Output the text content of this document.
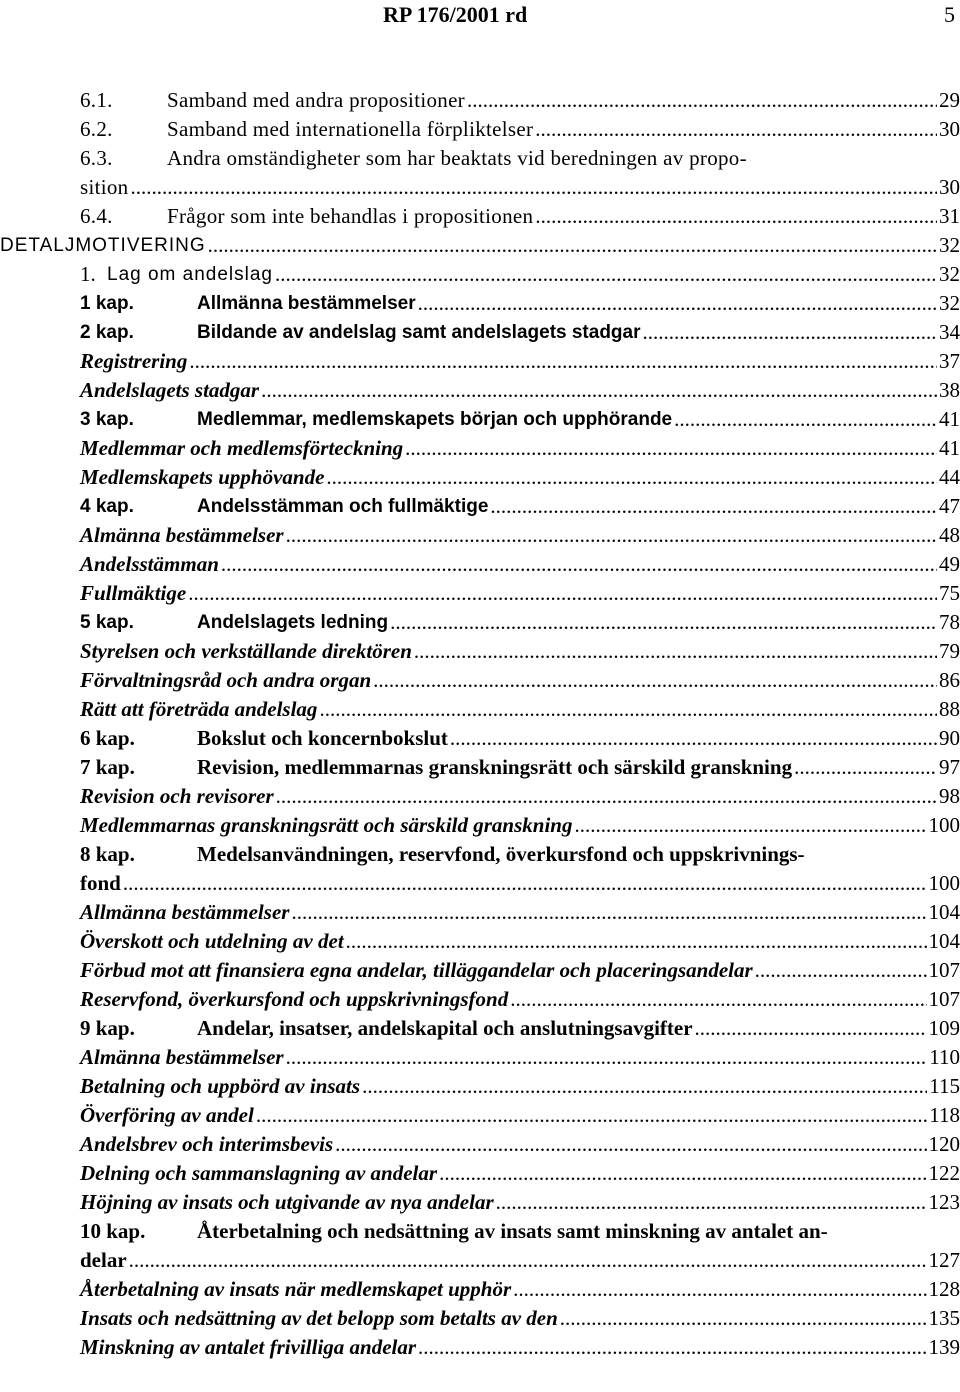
RP 176/2001 rd	5
6.1.	Samband med andra propositioner .....	29
6.2.	Samband med internationella förpliktelser .....	30
6.3.	Andra omständigheter som har beaktats vid beredningen av propo-
sition .....	30
6.4.	Frågor som inte behandlas i propositionen .....	31
DETALJMOTIVERING .....	32
1. Lag om andelslag .....	32
1 kap.	Allmänna bestämmelser .....	32
2 kap.	Bildande av andelslag samt andelslagets stadgar .....	34
Registrering .....	37
Andelslagets stadgar .....	38
3 kap.	Medlemmar, medlemskapets början och upphörande .....	41
Medlemmar och medlemsförteckning .....	41
Medlemskapets upphövande .....	44
4 kap.	Andelsstämman och fullmäktige .....	47
Almänna bestämmelser .....	48
Andelsstämman .....	49
Fullmäktige .....	75
5 kap.	Andelslagets ledning .....	78
Styrelsen och verkställande direktören .....	79
Förvaltningsråd och andra organ .....	86
Rätt att företräda andelslag .....	88
6 kap.	Bokslut och koncernbokslut .....	90
7 kap.	Revision, medlemmarnas granskningsrätt och särskild granskning .....	97
Revision och revisorer .....	98
Medlemmarnas granskningsrätt och särskild granskning .....	100
8 kap.	Medelsanvändningen, reservfond, överkursfond och uppskrivnings-
fond .....	100
Allmänna bestämmelser .....	104
Överskott och utdelning av det .....	104
Förbud mot att finansiera egna andelar, tilläggandelar och placeringsandelar .....	107
Reservfond, överkursfond och uppskrivningsfond .....	107
9 kap.	Andelar, insatser, andelskapital och anslutningsavgifter .....	109
Almänna bestämmelser .....	110
Betalning och uppbörd av insats .....	115
Överföring av andel .....	118
Andelsbrev och interimsbevis .....	120
Delning och sammanslagning av andelar .....	122
Höjning av insats och utgivande av nya andelar .....	123
10 kap. Återbetalning och nedsättning av insats samt minskning av antalet an-
delar .....	127
Återbetalning av insats när medlemskapet upphör .....	128
Insats och nedsättning av det belopp som betalts av den .....	135
Minskning av antalet frivilliga andelar .....	139
